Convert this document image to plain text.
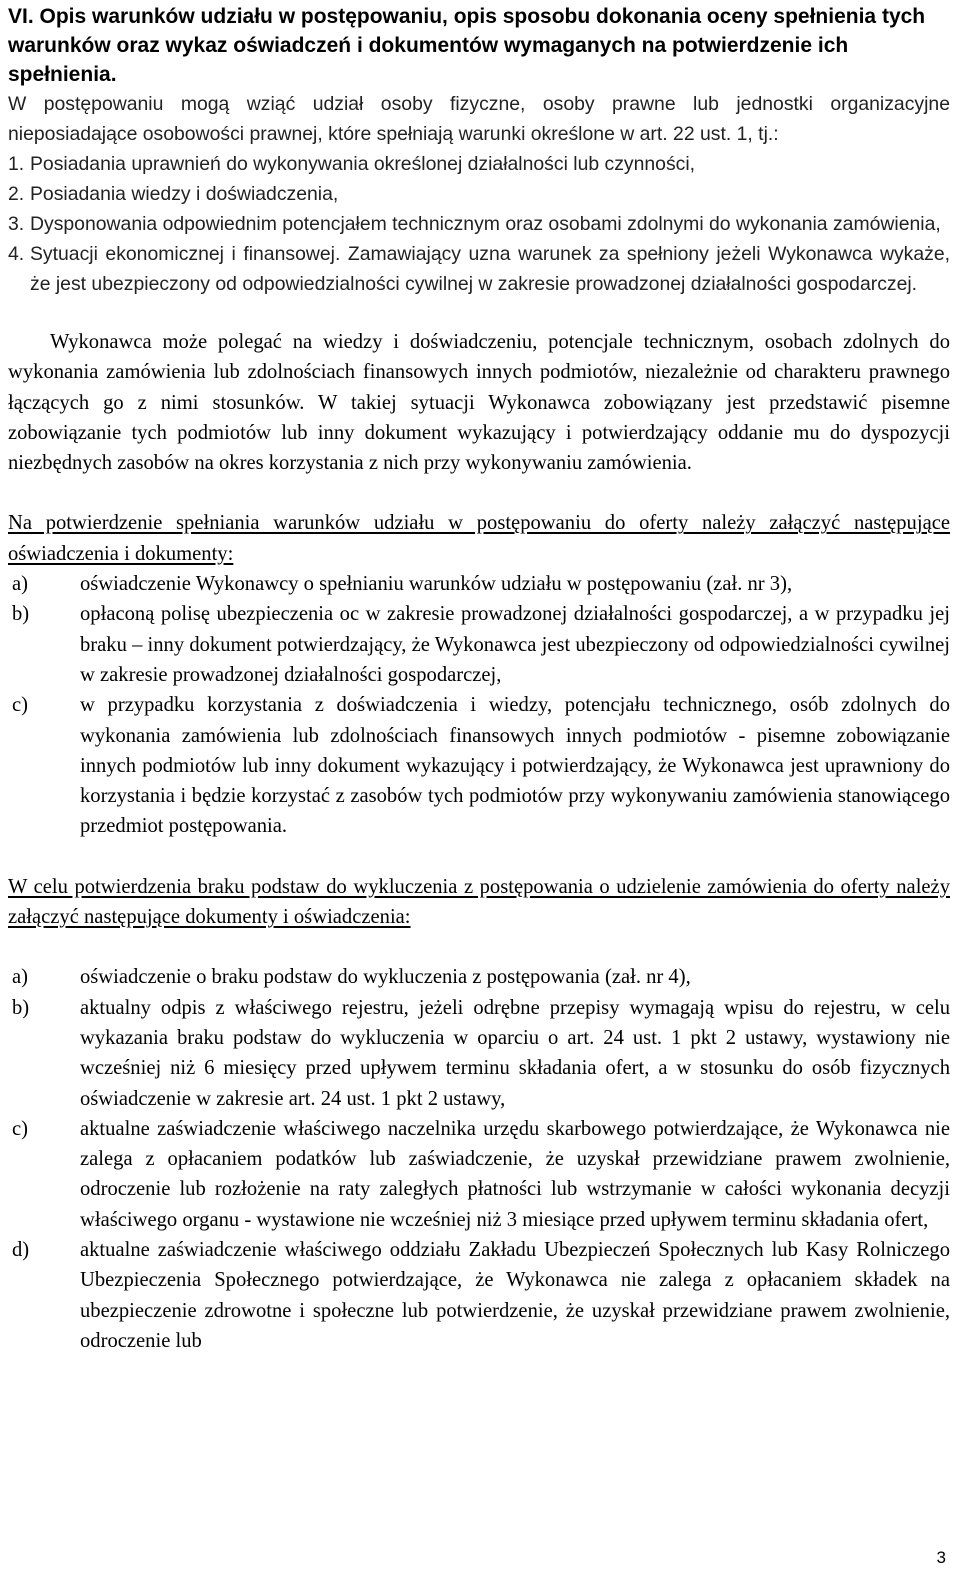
VI. Opis warunków udziału w postępowaniu, opis sposobu dokonania oceny spełnienia tych warunków oraz wykaz oświadczeń i dokumentów wymaganych na potwierdzenie ich spełnienia.

W postępowaniu mogą wziąć udział osoby fizyczne, osoby prawne lub jednostki organizacyjne nieposiadające osobowości prawnej, które spełniają warunki określone w art. 22 ust. 1, tj.:

1. Posiadania uprawnień do wykonywania określonej działalności lub czynności,
2. Posiadania wiedzy i doświadczenia,
3. Dysponowania odpowiednim potencjałem technicznym oraz osobami zdolnymi do wykonania zamówienia,
4. Sytuacji ekonomicznej i finansowej. Zamawiający uzna warunek za spełniony jeżeli Wykonawca wykaże, że jest ubezpieczony od odpowiedzialności cywilnej w zakresie prowadzonej działalności gospodarczej.

Wykonawca może polegać na wiedzy i doświadczeniu, potencjale technicznym, osobach zdolnych do wykonania zamówienia lub zdolnościach finansowych innych podmiotów, niezależnie od charakteru prawnego łączących go z nimi stosunków. W takiej sytuacji Wykonawca zobowiązany jest przedstawić pisemne zobowiązanie tych podmiotów lub inny dokument wykazujący i potwierdzający oddanie mu do dyspozycji niezbędnych zasobów na okres korzystania z nich przy wykonywaniu zamówienia.

Na potwierdzenie spełniania warunków udziału w postępowaniu do oferty należy załączyć następujące oświadczenia i dokumenty:

a)	oświadczenie Wykonawcy o spełnianiu warunków udziału w postępowaniu (zał. nr 3),
b)	opłaconą polisę ubezpieczenia oc w zakresie prowadzonej działalności gospodarczej, a w przypadku jej braku – inny dokument potwierdzający, że Wykonawca jest ubezpieczony od odpowiedzialności cywilnej w zakresie prowadzonej działalności gospodarczej,
c)	w przypadku korzystania z doświadczenia i wiedzy, potencjału technicznego, osób zdolnych do wykonania zamówienia lub zdolnościach finansowych innych podmiotów - pisemne zobowiązanie innych podmiotów lub inny dokument wykazujący i potwierdzający, że Wykonawca jest uprawniony do korzystania i będzie korzystać z zasobów tych podmiotów przy wykonywaniu zamówienia stanowiącego przedmiot postępowania.

W celu potwierdzenia braku podstaw do wykluczenia z postępowania o udzielenie zamówienia do oferty należy załączyć następujące dokumenty i oświadczenia:

a)	oświadczenie o braku podstaw do wykluczenia z postępowania (zał. nr 4),
b)	aktualny odpis z właściwego rejestru, jeżeli odrębne przepisy wymagają wpisu do rejestru, w celu wykazania braku podstaw do wykluczenia w oparciu o art. 24 ust. 1 pkt 2 ustawy, wystawiony nie wcześniej niż 6 miesięcy przed upływem terminu składania ofert, a w stosunku do osób fizycznych oświadczenie w zakresie art. 24 ust. 1 pkt 2 ustawy,
c)	aktualne zaświadczenie właściwego naczelnika urzędu skarbowego potwierdzające, że Wykonawca nie zalega z opłacaniem podatków lub zaświadczenie, że uzyskał przewidziane prawem zwolnienie, odroczenie lub rozłożenie na raty zaległych płatności lub wstrzymanie w całości wykonania decyzji właściwego organu - wystawione nie wcześniej niż 3 miesiące przed upływem terminu składania ofert,
d)	aktualne zaświadczenie właściwego oddziału Zakładu Ubezpieczeń Społecznych lub Kasy Rolniczego Ubezpieczenia Społecznego potwierdzające, że Wykonawca nie zalega z opłacaniem składek na ubezpieczenie zdrowotne i społeczne lub potwierdzenie, że uzyskał przewidziane prawem zwolnienie, odroczenie lub
3
